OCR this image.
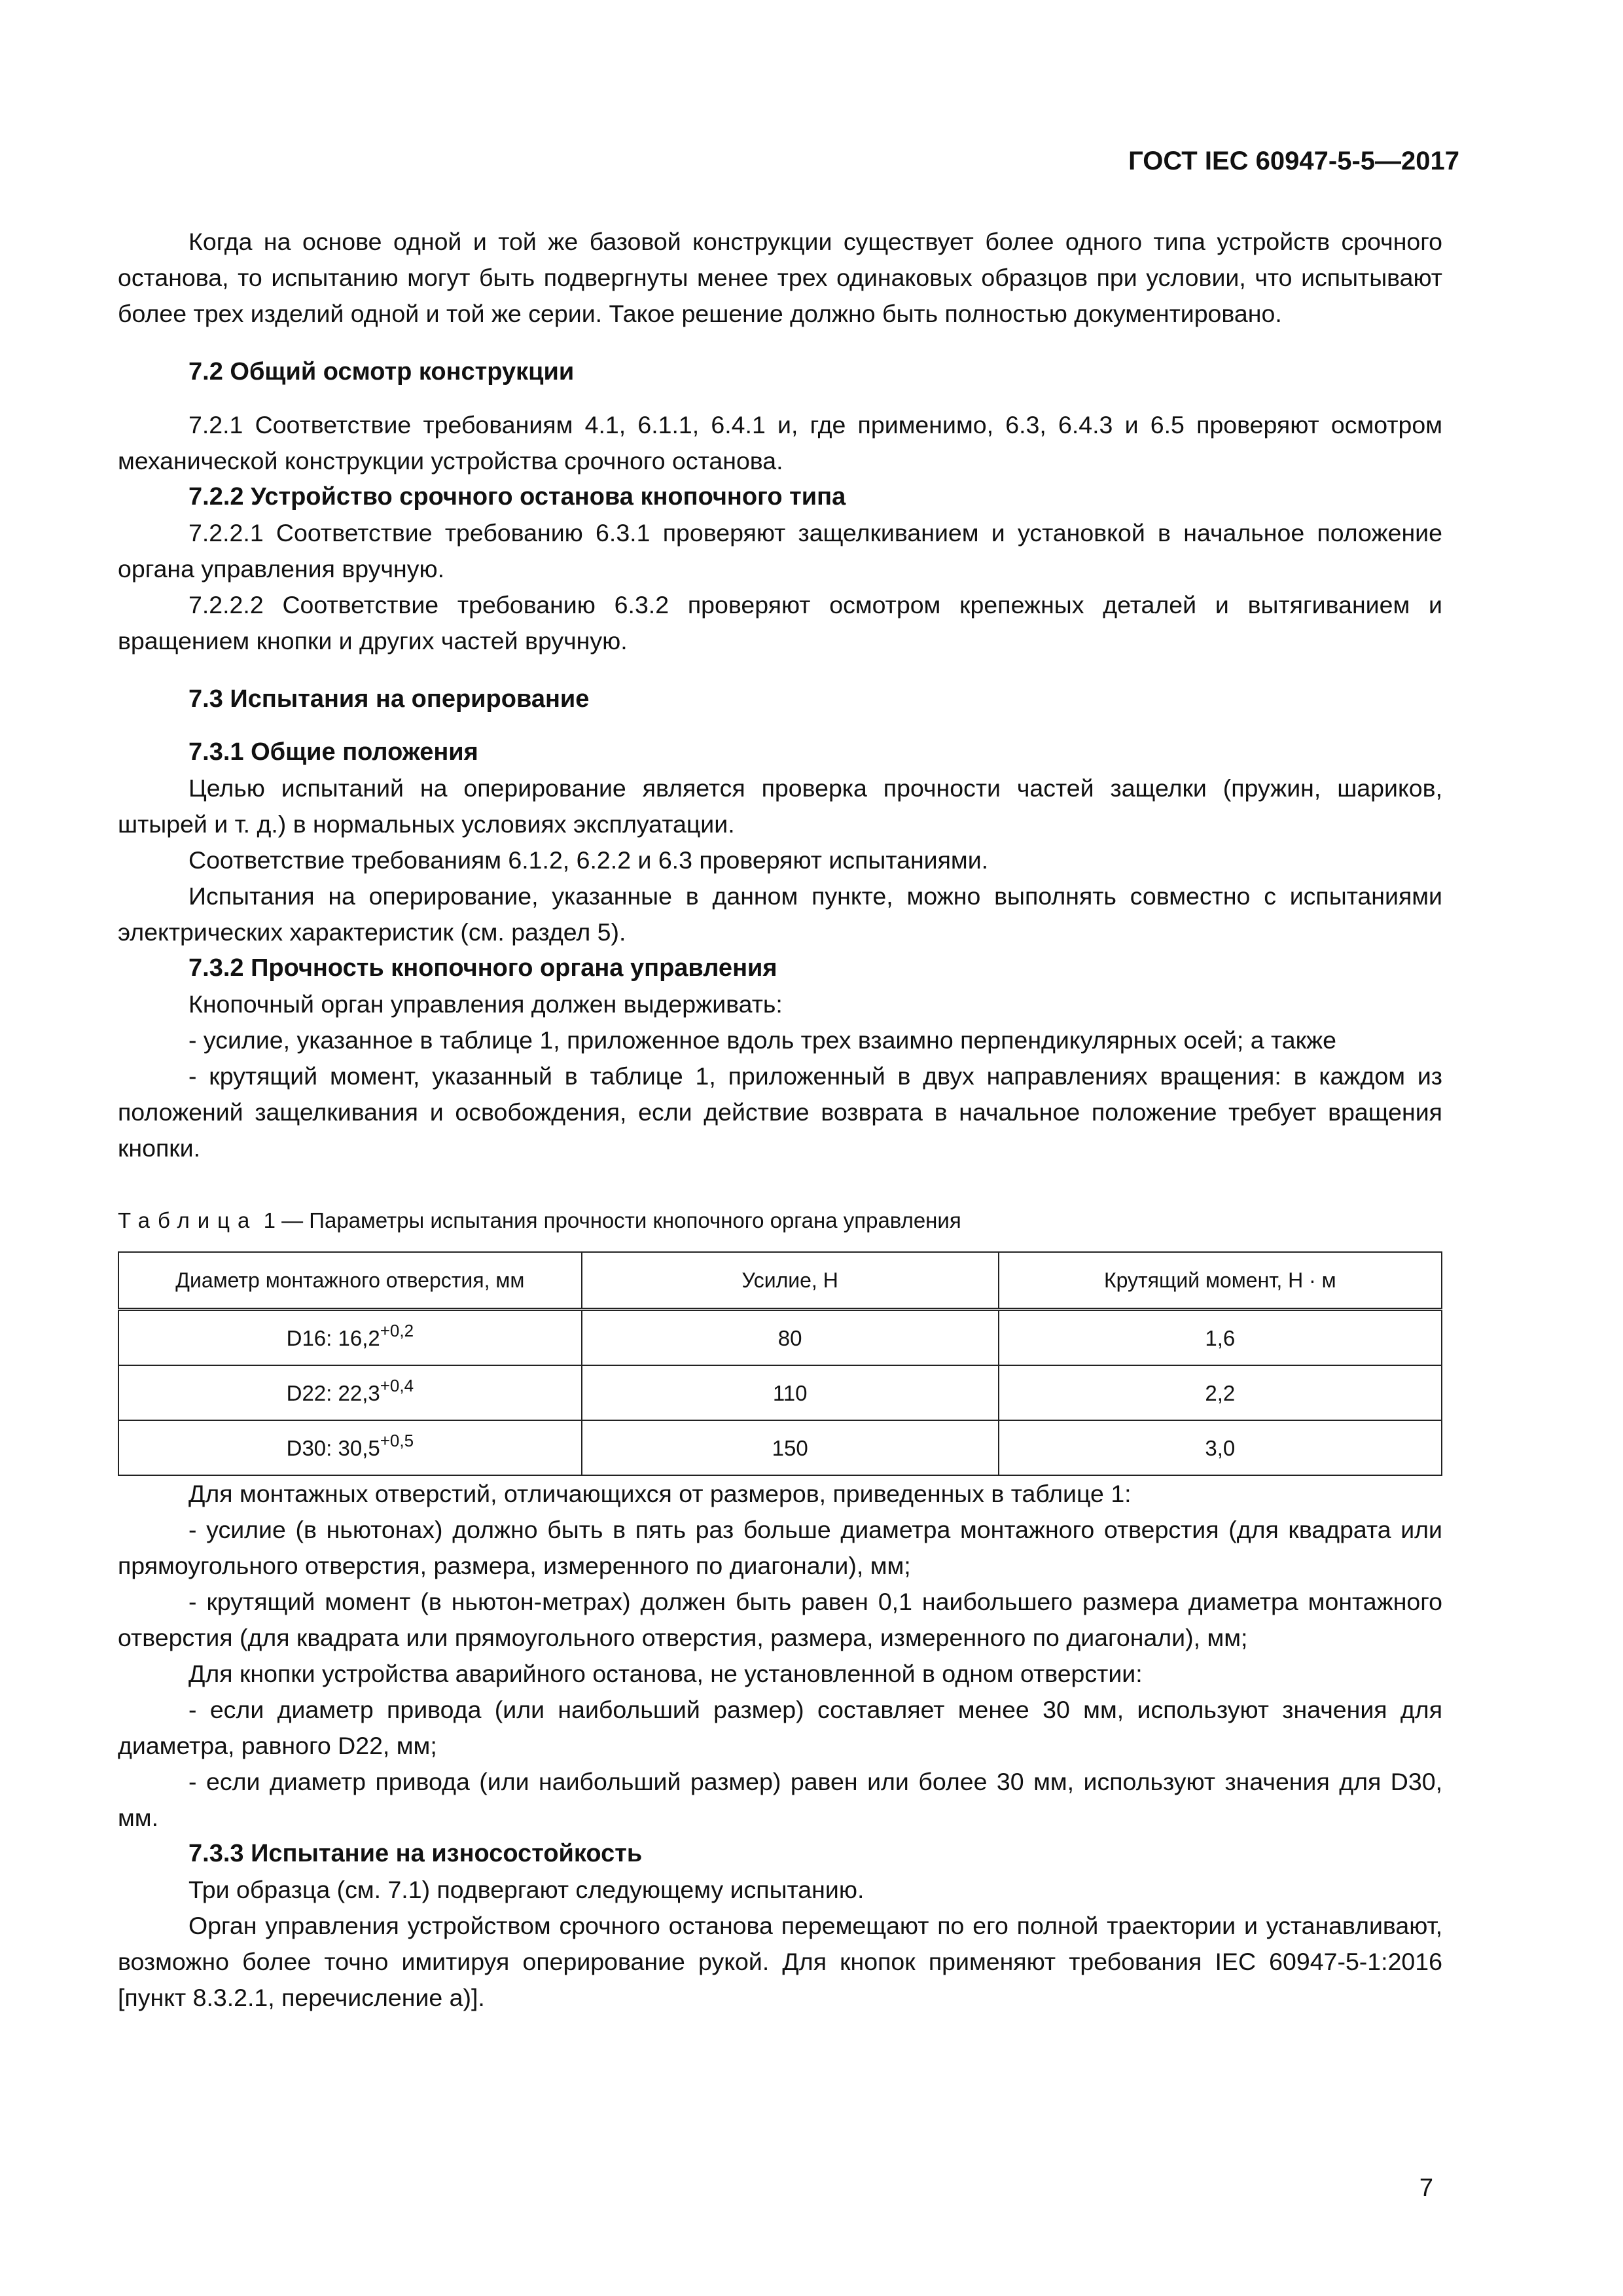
ГОСТ IEC 60947-5-5—2017

Когда на основе одной и той же базовой конструкции существует более одного типа устройств срочного останова, то испытанию могут быть подвергнуты менее трех одинаковых образцов при условии, что испытывают более трех изделий одной и той же серии. Такое решение должно быть полностью документировано.

7.2 Общий осмотр конструкции

7.2.1 Соответствие требованиям 4.1, 6.1.1, 6.4.1 и, где применимо, 6.3, 6.4.3 и 6.5 проверяют осмотром механической конструкции устройства срочного останова.

7.2.2 Устройство срочного останова кнопочного типа

7.2.2.1 Соответствие требованию 6.3.1 проверяют защелкиванием и установкой в начальное положение органа управления вручную.

7.2.2.2 Соответствие требованию 6.3.2 проверяют осмотром крепежных деталей и вытягиванием и вращением кнопки и других частей вручную.

7.3 Испытания на оперирование
7.3.1 Общие положения

Целью испытаний на оперирование является проверка прочности частей защелки (пружин, шариков, штырей и т. д.) в нормальных условиях эксплуатации.

Соответствие требованиям 6.1.2, 6.2.2 и 6.3 проверяют испытаниями.

Испытания на оперирование, указанные в данном пункте, можно выполнять совместно с испытаниями электрических характеристик (см. раздел 5).

7.3.2 Прочность кнопочного органа управления

Кнопочный орган управления должен выдерживать:

- усилие, указанное в таблице 1, приложенное вдоль трех взаимно перпендикулярных осей; а также

- крутящий момент, указанный в таблице 1, приложенный в двух направлениях вращения: в каждом из положений защелкивания и освобождения, если действие возврата в начальное положение требует вращения кнопки.

Таблица 1 — Параметры испытания прочности кнопочного органа управления
Диаметр монтажного отверстия, мм	Усилие, Н	Крутящий момент, Н · м
D16: $16,2^{+0,2}$	80	1,6
D22: $22,3^{+0,4}$	110	2,2
D30: $30,5^{+0,5}$	150	3,0

Для монтажных отверстий, отличающихся от размеров, приведенных в таблице 1:

- усилие (в ньютонах) должно быть в пять раз больше диаметра монтажного отверстия (для квадрата или прямоугольного отверстия, размера, измеренного по диагонали), мм;

- крутящий момент (в ньютон-метрах) должен быть равен 0,1 наибольшего размера диаметра монтажного отверстия (для квадрата или прямоугольного отверстия, размера, измеренного по диагонали), мм;

Для кнопки устройства аварийного останова, не установленной в одном отверстии:

- если диаметр привода (или наибольший размер) составляет менее 30 мм, используют значения для диаметра, равного D22, мм;

- если диаметр привода (или наибольший размер) равен или более 30 мм, используют значения для D30, мм.

7.3.3 Испытание на износостойкость

Три образца (см. 7.1) подвергают следующему испытанию.

Орган управления устройством срочного останова перемещают по его полной траектории и устанавливают, возможно более точно имитируя оперирование рукой. Для кнопок применяют требования IEC 60947-5-1:2016 [пункт 8.3.2.1, перечисление а)].

7
